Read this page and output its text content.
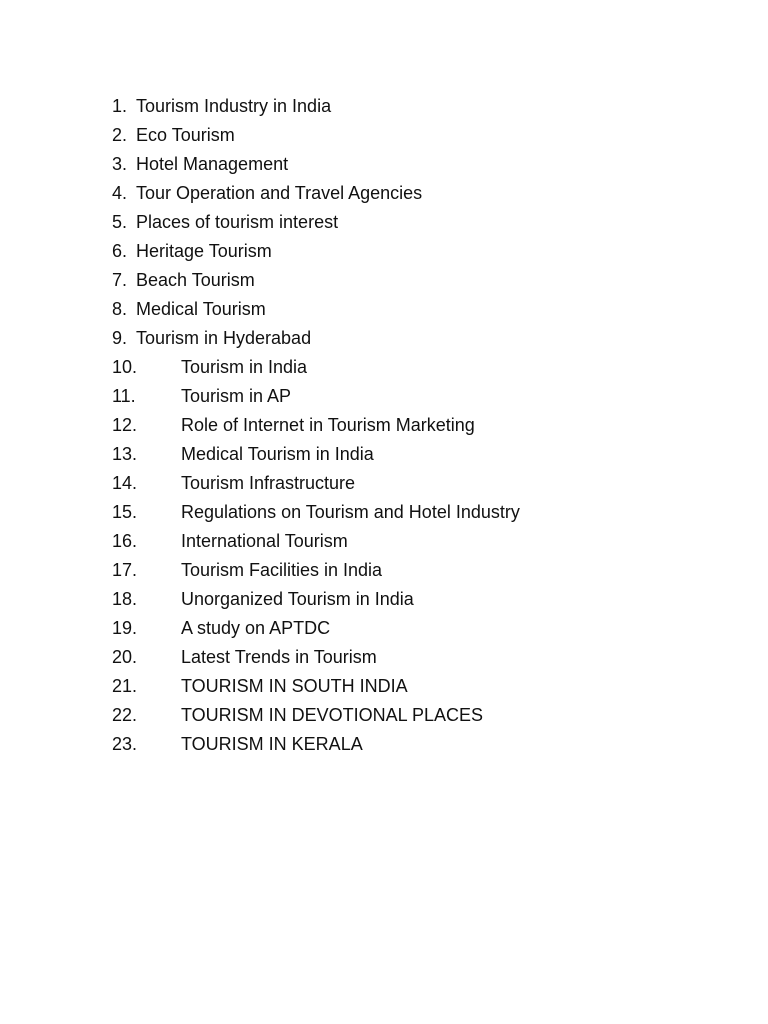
1. Tourism Industry in India
2. Eco Tourism
3. Hotel Management
4. Tour Operation and Travel Agencies
5. Places of tourism interest
6. Heritage Tourism
7. Beach Tourism
8. Medical Tourism
9. Tourism in Hyderabad
10. Tourism in India
11.	Tourism in AP
12. Role of Internet in Tourism Marketing
13. Medical Tourism in India
14. Tourism Infrastructure
15. Regulations on Tourism and Hotel Industry
16. International Tourism
17. Tourism Facilities in India
18. Unorganized Tourism in India
19. A study on APTDC
20. Latest Trends in Tourism
21. TOURISM IN SOUTH INDIA
22. TOURISM IN DEVOTIONAL PLACES
23. TOURISM IN KERALA
